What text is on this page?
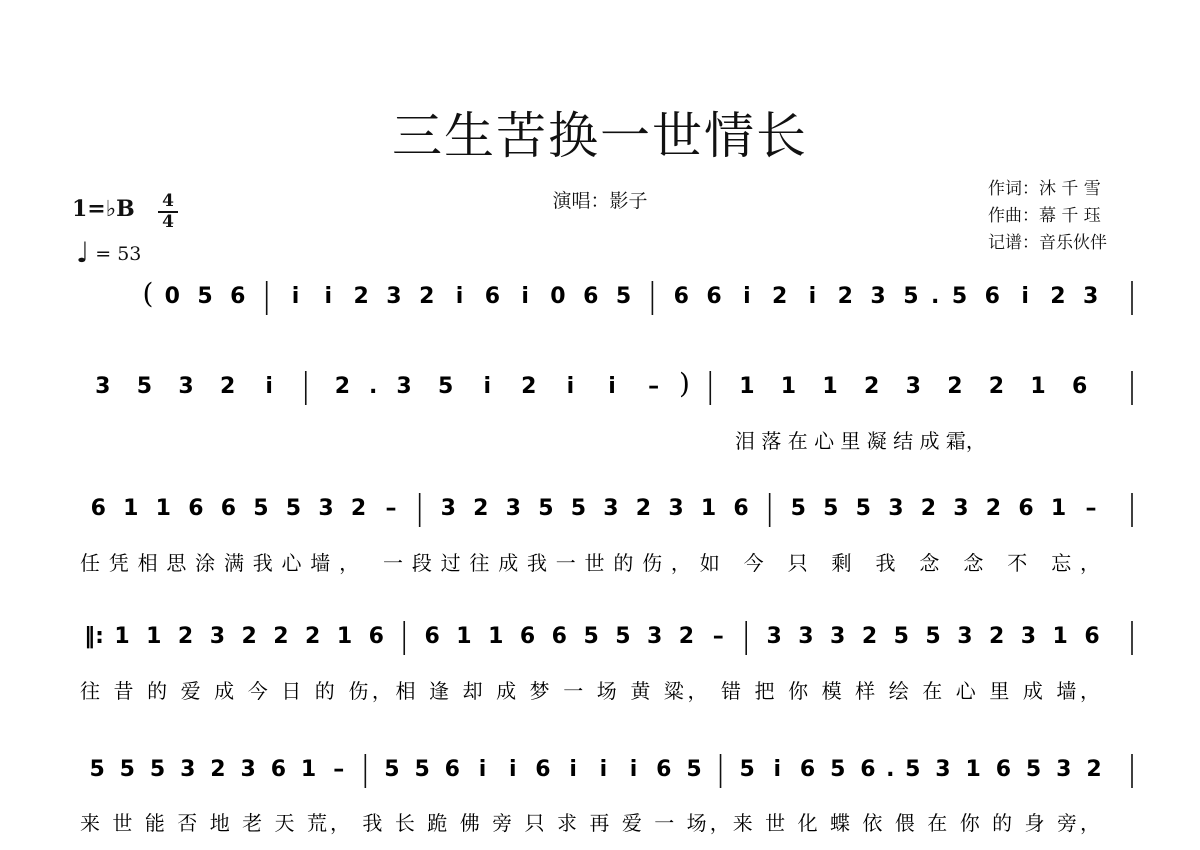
三生苦换一世情长
演唱：影子
作词：沐 千 雪
作曲：幕 千 珏
记谱：音乐伙伴
1=♭B 4
4
♩ = 53
( 0 5 6 i i 2 3 2 i 6 i 0 6 5 6 6 i 2 i 2 3 5 . 5 6 i 2 3
3 5 3 2 i	2 . 3 5 i 2 i i – ) 1 1 1 2 3 2 2 1 6
泪 落 在 心 里 凝 结 成 霜，
6 1 1 6 6 5 5 3 2 – 3 2 3 5 5 3 2 3 1 6 5 5 5 3 2 3 2 6 1 –
任凭相思涂满我心墙， 一段过往成我一世的伤，如 今 只 剩 我 念 念 不 忘，
‖: 1 1 2 3 2 2 2 1 6 6 1 1 6 6 5 5 3 2 – 3 3 3 2 5 5 3 2 3 1 6
往 昔 的 爱 成 今 日 的 伤，相 逢 却 成 梦 一 场 黄 粱， 错 把 你 模 样 绘 在 心 里 成 墙，
5 5 5 3 2 3 6 1 – 5 5 6 i i 6 i i i 6 5 5 i 6 5 6 . 5 3 1 6 5 3 2
来 世 能 否 地 老 天 荒， 我 长 跪 佛 旁 只 求 再 爱 一 场，来 世 化 蝶 依 偎 在 你 的 身 旁，
